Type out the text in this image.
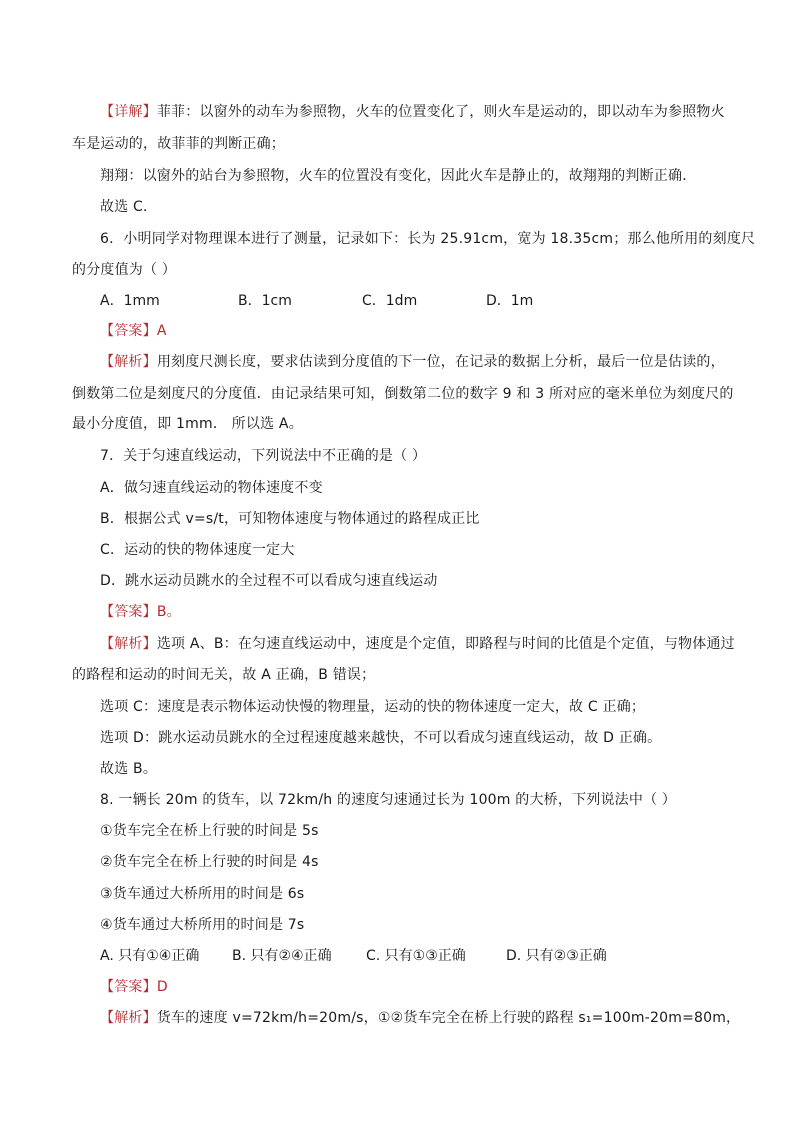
【详解】菲菲：以窗外的动车为参照物，火车的位置变化了，则火车是运动的，即以动车为参照物火
车是运动的，故菲菲的判断正确；
翔翔：以窗外的站台为参照物，火车的位置没有变化，因此火车是静止的，故翔翔的判断正确．
故选 C．
6．小明同学对物理课本进行了测量，记录如下：长为 25.91cm，宽为 18.35cm；那么他所用的刻度尺
的分度值为（ ）
A．1mm	B．1cm	C．1dm	D．1m
【答案】A
【解析】用刻度尺测长度，要求估读到分度值的下一位，在记录的数据上分析，最后一位是估读的，
倒数第二位是刻度尺的分度值．由记录结果可知，倒数第二位的数字 9 和 3 所对应的毫米单位为刻度尺的
最小分度值，即 1mm． 所以选 A。
7．关于匀速直线运动，下列说法中不正确的是（ ）
A．做匀速直线运动的物体速度不变
B．根据公式 v=s/t，可知物体速度与物体通过的路程成正比
C．运动的快的物体速度一定大
D．跳水运动员跳水的全过程不可以看成匀速直线运动
【答案】B。
【解析】选项 A、B：在匀速直线运动中，速度是个定值，即路程与时间的比值是个定值，与物体通过
的路程和运动的时间无关，故 A 正确，B 错误；
选项 C：速度是表示物体运动快慢的物理量，运动的快的物体速度一定大，故 C 正确；
选项 D：跳水运动员跳水的全过程速度越来越快，不可以看成匀速直线运动，故 D 正确。
故选 B。
8. 一辆长 20m 的货车，以 72km/h 的速度匀速通过长为 100m 的大桥，下列说法中（ ）
①货车完全在桥上行驶的时间是 5s
②货车完全在桥上行驶的时间是 4s
③货车通过大桥所用的时间是 6s
④货车通过大桥所用的时间是 7s
A. 只有①④正确 B. 只有②④正确 C. 只有①③正确	D. 只有②③正确
【答案】D
【解析】货车的速度 v=72km/h=20m/s，①②货车完全在桥上行驶的路程 s₁=100m-20m=80m，
